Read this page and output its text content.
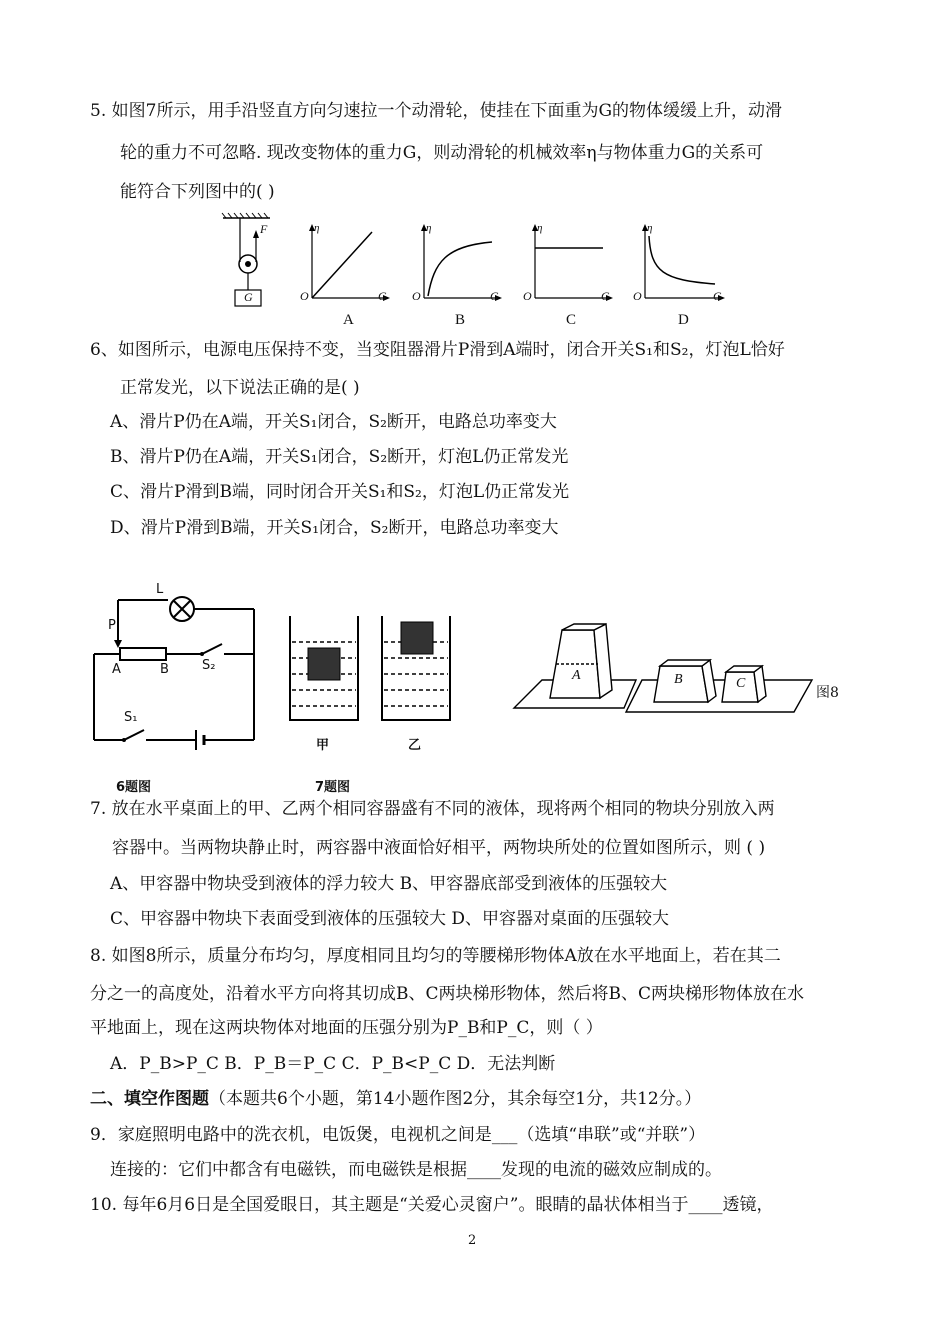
5. 如图7所示，用手沿竖直方向匀速拉一个动滑轮，使挂在下面重为G的物体缓缓上升，动滑
轮的重力不可忽略. 现改变物体的重力G，则动滑轮的机械效率η与物体重力G的关系可
能符合下列图中的( )
F
G
η
O	G
A
η
O	G
B
η
O	G
C
η
O	G
D
6、如图所示，电源电压保持不变，当变阻器滑片P滑到A端时，闭合开关S₁和S₂，灯泡L恰好
正常发光，以下说法正确的是( )
A、滑片P仍在A端，开关S₁闭合，S₂断开，电路总功率变大
B、滑片P仍在A端，开关S₁闭合，S₂断开，灯泡L仍正常发光
C、滑片P滑到B端，同时闭合开关S₁和S₂，灯泡L仍正常发光
D、滑片P滑到B端，开关S₁闭合，S₂断开，电路总功率变大
L
P
A	B	S₂
S₁
6题图
甲	乙
7题图
A	B	C
图8
7. 放在水平桌面上的甲、乙两个相同容器盛有不同的液体，现将两个相同的物块分别放入两
容器中。当两物块静止时，两容器中液面恰好相平，两物块所处的位置如图所示，则 ( )
A、甲容器中物块受到液体的浮力较大 B、甲容器底部受到液体的压强较大
C、甲容器中物块下表面受到液体的压强较大 D、甲容器对桌面的压强较大
8. 如图8所示，质量分布均匀，厚度相同且均匀的等腰梯形物体A放在水平地面上，若在其二
分之一的高度处，沿着水平方向将其切成B、C两块梯形物体，然后将B、C两块梯形物体放在水
平地面上，现在这两块物体对地面的压强分别为P_B和P_C，则（ ）
A．P_B>P_C B．P_B＝P_C C．P_B<P_C D．无法判断
二、填空作图题（本题共6个小题，第14小题作图2分，其余每空1分，共12分。）
9．家庭照明电路中的洗衣机，电饭煲，电视机之间是___（选填“串联”或“并联”）
连接的：它们中都含有电磁铁，而电磁铁是根据____发现的电流的磁效应制成的。
10. 每年6月6日是全国爱眼日，其主题是“关爱心灵窗户”。眼睛的晶状体相当于____透镜，
2
